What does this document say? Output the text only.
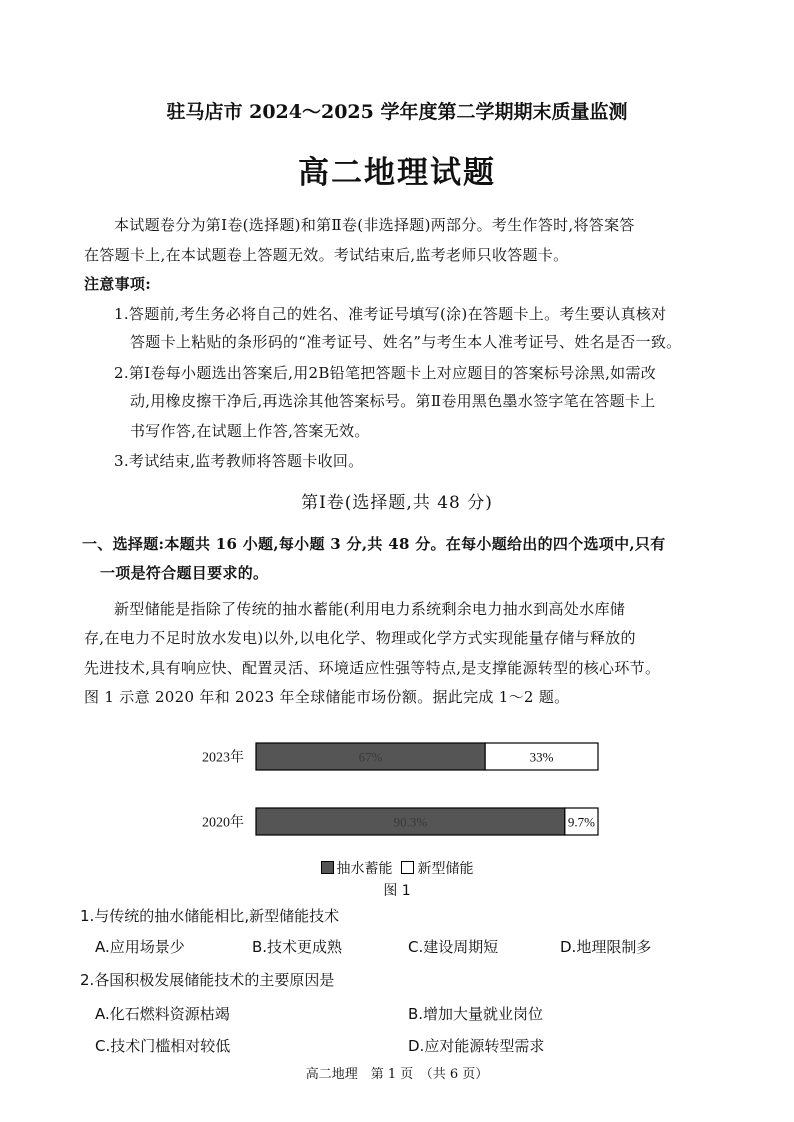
驻马店市 2024～2025 学年度第二学期期末质量监测
高二地理试题
本试题卷分为第Ⅰ卷(选择题)和第Ⅱ卷(非选择题)两部分。考生作答时,将答案答
在答题卡上,在本试题卷上答题无效。考试结束后,监考老师只收答题卡。
注意事项:
1.答题前,考生务必将自己的姓名、准考证号填写(涂)在答题卡上。考生要认真核对
答题卡上粘贴的条形码的“准考证号、姓名”与考生本人准考证号、姓名是否一致。
2.第Ⅰ卷每小题选出答案后,用2B铅笔把答题卡上对应题目的答案标号涂黑,如需改
动,用橡皮擦干净后,再选涂其他答案标号。第Ⅱ卷用黑色墨水签字笔在答题卡上
书写作答,在试题上作答,答案无效。
3.考试结束,监考教师将答题卡收回。
第Ⅰ卷(选择题,共 48 分)
一、选择题:本题共 16 小题,每小题 3 分,共 48 分。在每小题给出的四个选项中,只有
一项是符合题目要求的。
新型储能是指除了传统的抽水蓄能(利用电力系统剩余电力抽水到高处水库储
存,在电力不足时放水发电)以外,以电化学、物理或化学方式实现能量存储与释放的
先进技术,具有响应快、配置灵活、环境适应性强等特点,是支撑能源转型的核心环节。
图 1 示意 2020 年和 2023 年全球储能市场份额。据此完成 1～2 题。
2023年	67%	33%
2020年	90.3%	9.7%
抽水蓄能 新型储能
图 1
1.与传统的抽水储能相比,新型储能技术
A.应用场景少	B.技术更成熟	C.建设周期短	D.地理限制多
2.各国积极发展储能技术的主要原因是
A.化石燃料资源枯竭	B.增加大量就业岗位
C.技术门槛相对较低	D.应对能源转型需求
高二地理　第 1 页　（共 6 页）
